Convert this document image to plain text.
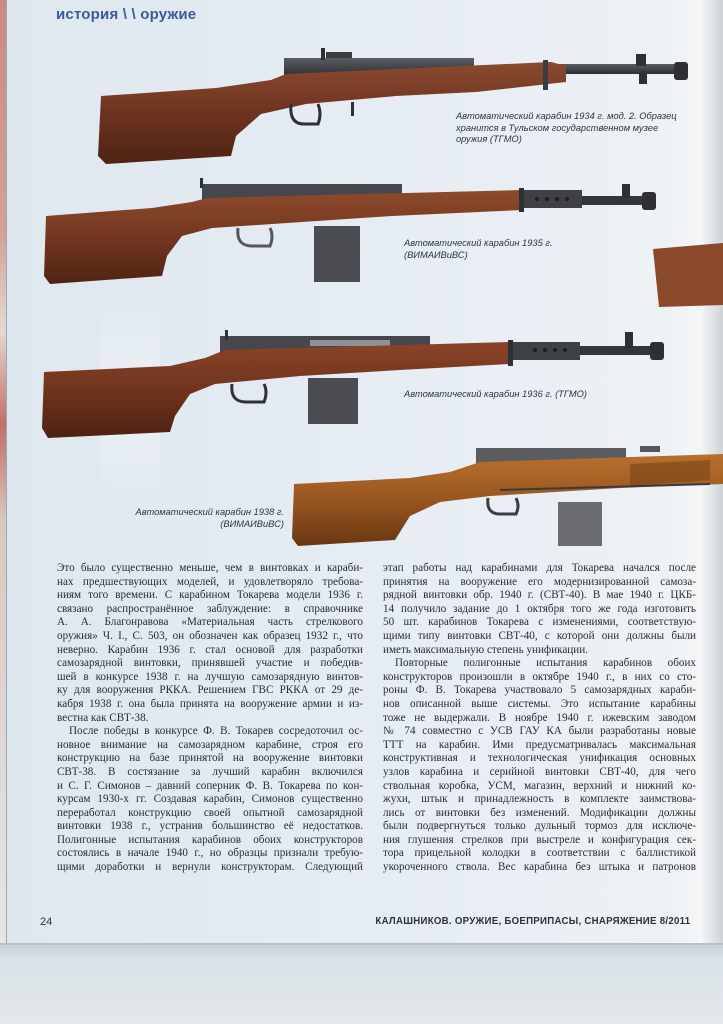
история \ \ оружие
Автоматический карабин 1934 г. мод. 2. Образец
хранится в Тульском государственном музее
оружия (ТГМО)
Автоматический карабин 1935 г.
(ВИМАИВиВС)
Автоматический карабин 1936 г. (ТГМО)
Автоматический карабин 1938 г.
(ВИМАИВиВС)
Это было существенно меньше, чем в винтовках и караби-
нах предшествующих моделей, и удовлетворяло требова-
ниям того времени. С карабином Токарева модели 1936 г.
связано распространённое заблуждение: в справочнике
А. А. Благонравова «Материальная часть стрелкового
оружия» Ч. I., С. 503, он обозначен как образец 1932 г., что
неверно. Карабин 1936 г. стал основой для разработки
самозарядной винтовки, принявшей участие и победив-
шей в конкурсе 1938 г. на лучшую самозарядную винтов-
ку для вооружения РККА. Решением ГВС РККА от 29 де-
кабря 1938 г. она была принята на вооружение армии и из-
вестна как СВТ-38.
После победы в конкурсе Ф. В. Токарев сосредоточил ос-
новное внимание на самозарядном карабине, строя его
конструкцию на базе принятой на вооружение винтовки
СВТ-38. В состязание за лучший карабин включился
и С. Г. Симонов – давний соперник Ф. В. Токарева по кон-
курсам 1930-х гг. Создавая карабин, Симонов существенно
переработал конструкцию своей опытной самозарядной
винтовки 1938 г., устранив большинство её недостатков.
Полигонные испытания карабинов обоих конструкторов
состоялись в начале 1940 г., но образцы признали требую-
щими доработки и вернули конструкторам. Следующий
этап работы над карабинами для Токарева начался после
принятия на вооружение его модернизированной самоза-
рядной винтовки обр. 1940 г. (СВТ-40). В мае 1940 г. ЦКБ-
14 получило задание до 1 октября того же года изготовить
50 шт. карабинов Токарева с изменениями, соответствую-
щими типу винтовки СВТ-40, с которой они должны были
иметь максимальную степень унификации.
Повторные полигонные испытания карабинов обоих
конструкторов произошли в октябре 1940 г., в них со сто-
роны Ф. В. Токарева участвовало 5 самозарядных караби-
нов описанной выше системы. Это испытание карабины
тоже не выдержали. В ноябре 1940 г. ижевским заводом
№ 74 совместно с УСВ ГАУ КА были разработаны новые
ТТТ на карабин. Ими предусматривалась максимальная
конструктивная и технологическая унификация основных
узлов карабина и серийной винтовки СВТ-40, для чего
ствольная коробка, УСМ, магазин, верхний и нижний ко-
жухи, штык и принадлежность в комплекте заимствова-
лись от винтовки без изменений. Модификации должны
были подвергнуться только дульный тормоз для исключе-
ния глушения стрелков при выстреле и конфигурация сек-
тора прицельной колодки в соответствии с баллистикой
укороченного ствола. Вес карабина без штыка и патронов
24	КАЛАШНИКОВ. ОРУЖИЕ, БОЕПРИПАСЫ, СНАРЯЖЕНИЕ 8/2011
